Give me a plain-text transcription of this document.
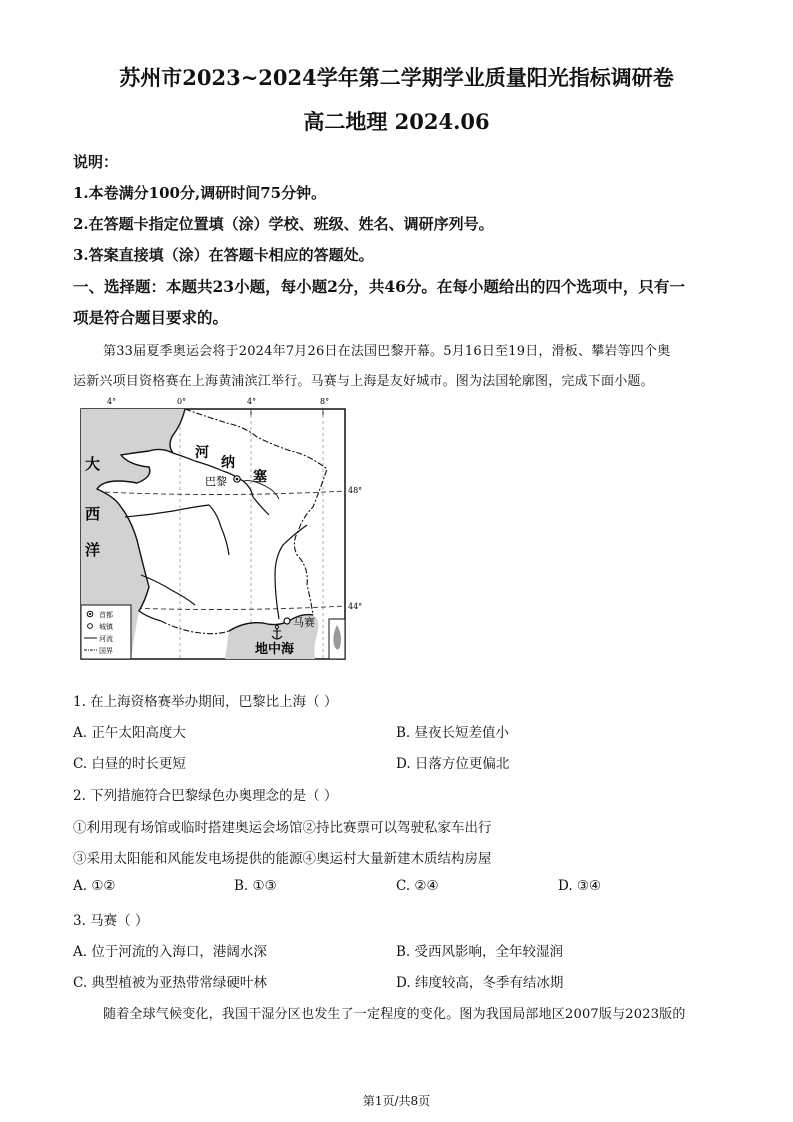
苏州市2023~2024学年第二学期学业质量阳光指标调研卷
高二地理 2024.06
说明：
1.本卷满分100分,调研时间75分钟。
2.在答题卡指定位置填（涂）学校、班级、姓名、调研序列号。
3.答案直接填（涂）在答题卡相应的答题处。
一、选择题：本题共23小题，每小题2分，共46分。在每小题给出的四个选项中，只有一
项是符合题目要求的。
第33届夏季奥运会将于2024年7月26日在法国巴黎开幕。5月16日至19日，滑板、攀岩等四个奥
运新兴项目资格赛在上海黄浦滨江举行。马赛与上海是友好城市。图为法国轮廓图，完成下面小题。
4°	0°	4°	8°
48°
44°
巴黎
马赛
河
纳
塞
大
西
洋
地中海
首都
城镇
河流
国界
1. 在上海资格赛举办期间，巴黎比上海（ ）
A. 正午太阳高度大	B. 昼夜长短差值小
C. 白昼的时长更短	D. 日落方位更偏北
2. 下列措施符合巴黎绿色办奥理念的是（ ）
①利用现有场馆或临时搭建奥运会场馆②持比赛票可以驾驶私家车出行
③采用太阳能和风能发电场提供的能源④奥运村大量新建木质结构房屋
A. ①②	B. ①③	C. ②④	D. ③④
3. 马赛（ ）
A. 位于河流的入海口，港阔水深	B. 受西风影响，全年较湿润
C. 典型植被为亚热带常绿硬叶林	D. 纬度较高，冬季有结冰期
随着全球气候变化，我国干湿分区也发生了一定程度的变化。图为我国局部地区2007版与2023版的
第1页/共8页
